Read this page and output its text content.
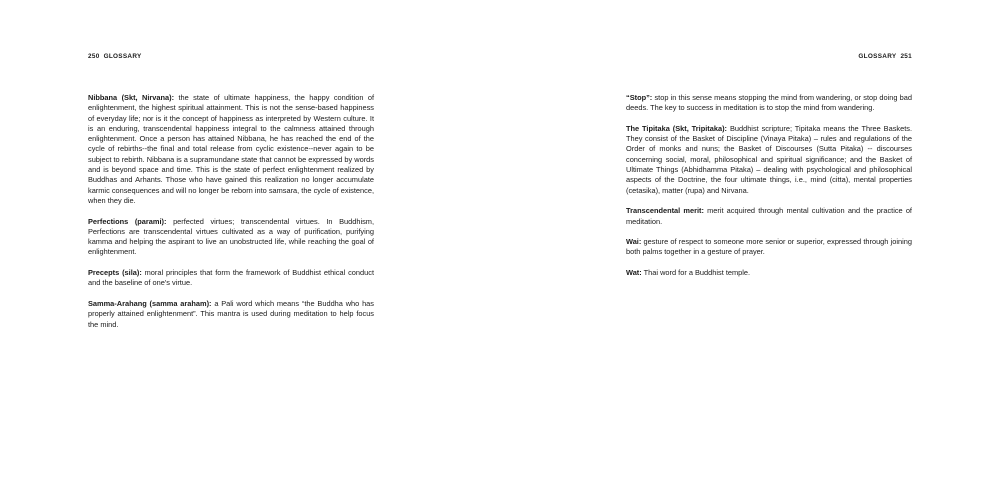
250 GLOSSARY

Nibbana (Skt, Nirvana): the state of ultimate happiness, the happy condition of enlightenment, the highest spiritual attainment. This is not the sense-based happiness of everyday life; nor is it the concept of happiness as interpreted by Western culture. It is an enduring, transcendental happiness integral to the calmness attained through enlightenment. Once a person has attained Nibbana, he has reached the end of the cycle of rebirths--the final and total release from cyclic existence--never again to be subject to rebirth. Nibbana is a supramundane state that cannot be expressed by words and is beyond space and time. This is the state of perfect enlightenment realized by Buddhas and Arhants. Those who have gained this realization no longer accumulate karmic consequences and will no longer be reborn into samsara, the cycle of existence, when they die.

Perfections (parami): perfected virtues; transcendental virtues. In Buddhism, Perfections are transcendental virtues cultivated as a way of purification, purifying kamma and helping the aspirant to live an unobstructed life, while reaching the goal of enlightenment.

Precepts (sila): moral principles that form the framework of Buddhist ethical conduct and the baseline of one's virtue.

Samma-Arahang (samma araham): a Pali word which means “the Buddha who has properly attained enlightenment”. This mantra is used during meditation to help focus the mind.

GLOSSARY 251

“Stop”: stop in this sense means stopping the mind from wandering, or stop doing bad deeds. The key to success in meditation is to stop the mind from wandering.

The Tipitaka (Skt, Tripitaka): Buddhist scripture; Tipitaka means the Three Baskets. They consist of the Basket of Discipline (Vinaya Pitaka) – rules and regulations of the Order of monks and nuns; the Basket of Discourses (Sutta Pitaka) -- discourses concerning social, moral, philosophical and spiritual significance; and the Basket of Ultimate Things (Abhidhamma Pitaka) – dealing with psychological and philosophical aspects of the Doctrine, the four ultimate things, i.e., mind (citta), mental properties (cetasika), matter (rupa) and Nirvana.

Transcendental merit: merit acquired through mental cultivation and the practice of meditation.

Wai: gesture of respect to someone more senior or superior, expressed through joining both palms together in a gesture of prayer.

Wat: Thai word for a Buddhist temple.
